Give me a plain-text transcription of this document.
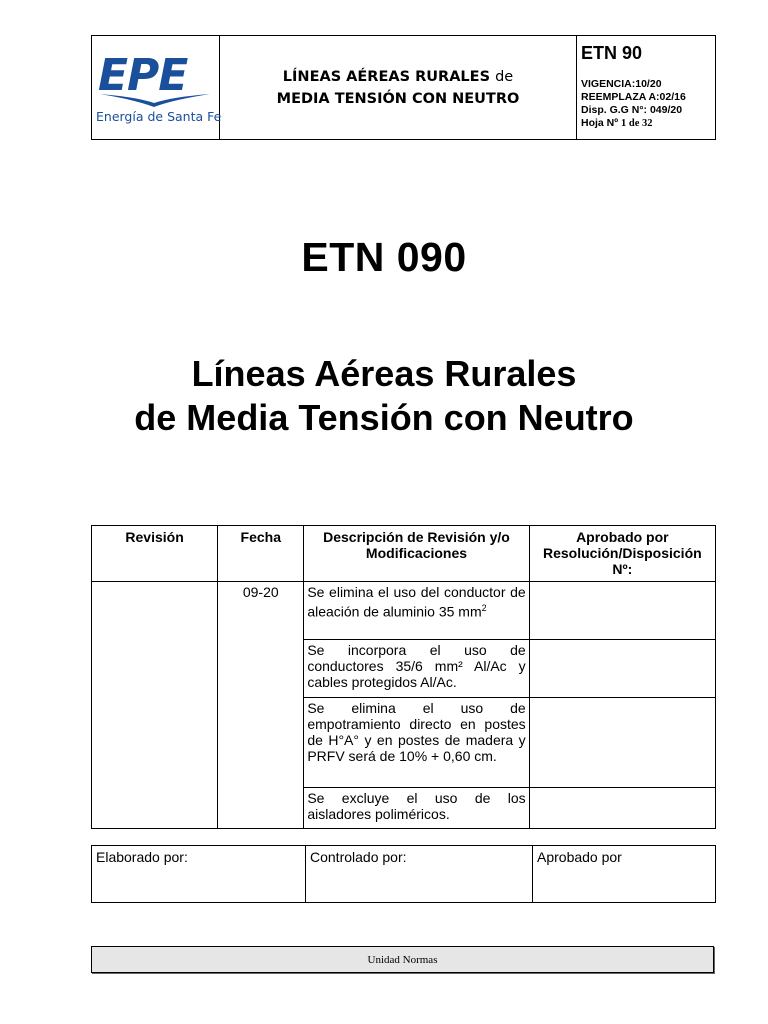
EPE
Energía de Santa Fe
LÍNEAS AÉREAS RURALES de
MEDIA TENSIÓN CON NEUTRO
ETN 90
VIGENCIA:10/20
REEMPLAZA A:02/16
Disp. G.G N°: 049/20
Hoja Nº 1 de 32
ETN 090
Líneas Aéreas Rurales
de Media Tensión con Neutro
Revisión	Fecha	Descripción de Revisión y/o Modificaciones	Aprobado por Resolución/Disposición Nº:
	09-20	Se elimina el uso del conductor de aleación de aluminio 35 $mm^2$	
		Se incorpora el uso de conductores 35/6 mm² Al/Ac y cables protegidos Al/Ac.	
		Se elimina el uso de empotramiento directo en postes de H°A° y en postes de madera y PRFV será de 10% + 0,60 cm.	
		Se excluye el uso de los aisladores poliméricos.	
Elaborado por:	Controlado por:	Aprobado por
Unidad Normas
